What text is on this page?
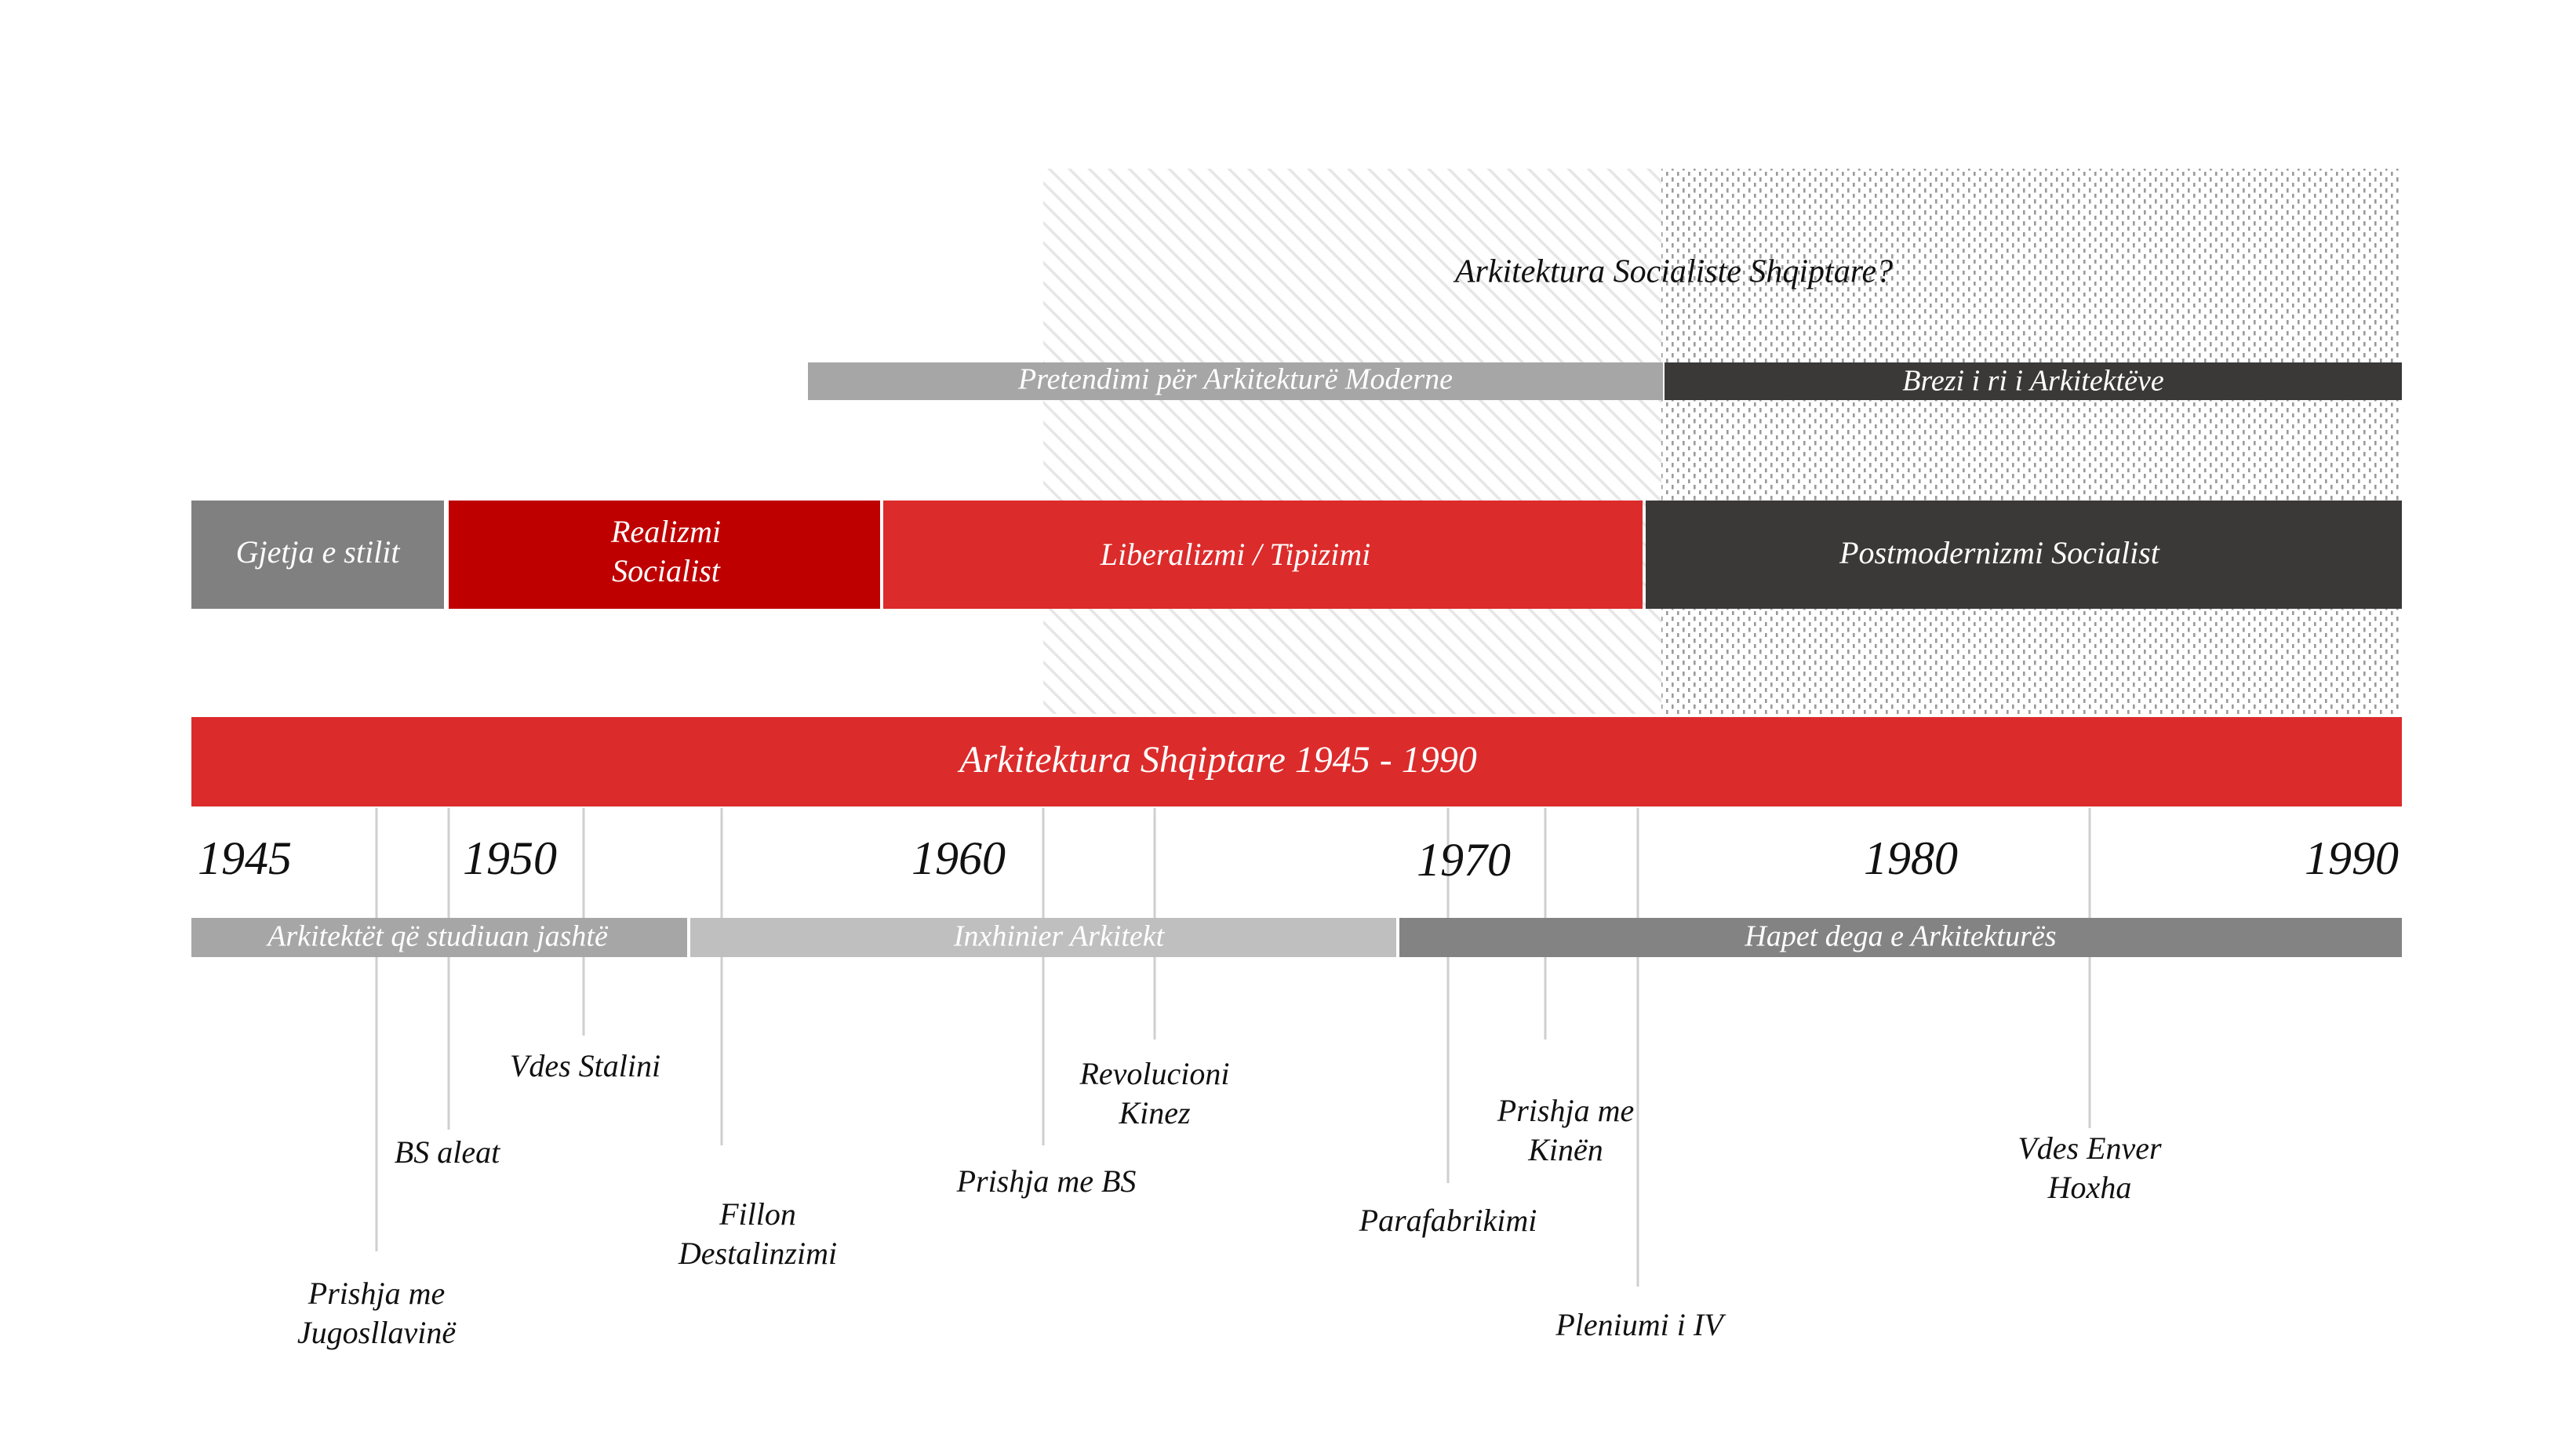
Arkitektura Socialiste Shqiptare?
Pretendimi për Arkitekturë Moderne	Brezi i ri i Arkitektëve
Gjetja e stilit
Realizmi
Socialist	Liberalizmi / Tipizimi	Postmodernizmi Socialist
Arkitektura Shqiptare 1945 - 1990
1945	1950	1960	1970	1980	1990
Arkitektët që studiuan jashtë	Inxhinier Arkitekt	Hapet dega e Arkitekturës
Prishja me
Jugosllavinë
BS aleat
Vdes Stalini
Fillon
Destalinzimi
Prishja me BS
Revolucioni
Kinez
Parafabrikimi
Prishja me
Kinën
Pleniumi i IV
Vdes Enver
Hoxha
